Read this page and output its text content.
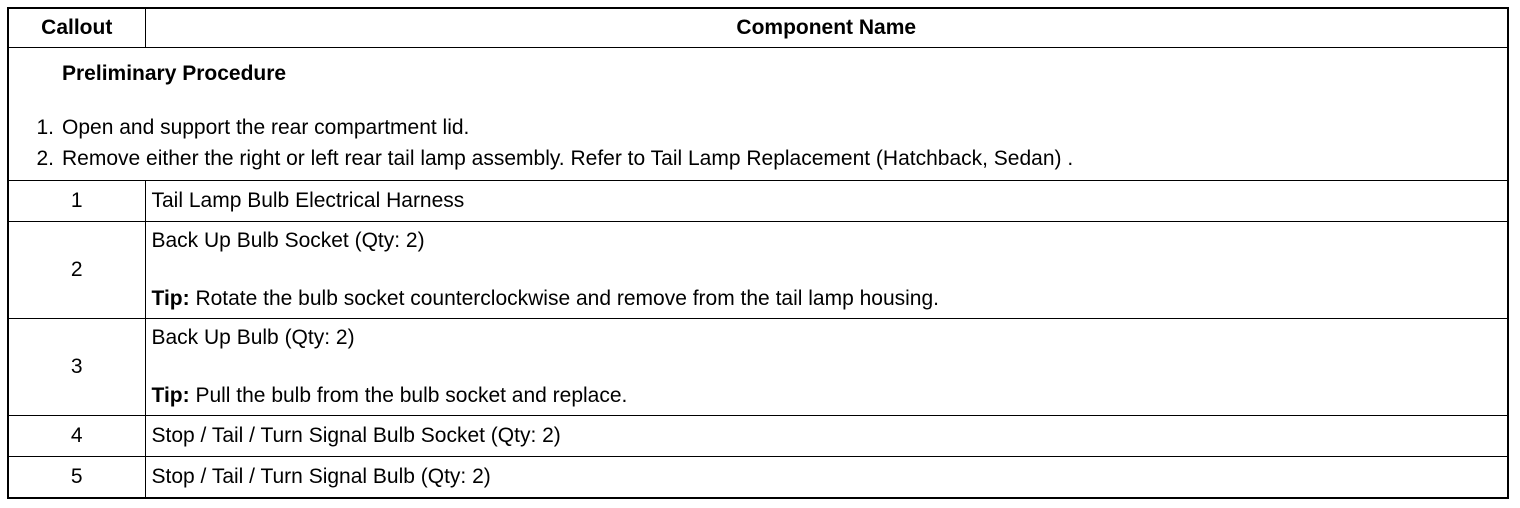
Callout	Component Name

Preliminary Procedure
1. Open and support the rear compartment lid.
2. Remove either the right or left rear tail lamp assembly. Refer to Tail Lamp Replacement (Hatchback, Sedan) .	

1	Tail Lamp Bulb Electrical Harness
2	Back Up Bulb Socket (Qty: 2)
Tip: Rotate the bulb socket counterclockwise and remove from the tail lamp housing.

3	Back Up Bulb (Qty: 2)
Tip: Pull the bulb from the bulb socket and replace.

4	Stop / Tail / Turn Signal Bulb Socket (Qty: 2)
5	Stop / Tail / Turn Signal Bulb (Qty: 2)
